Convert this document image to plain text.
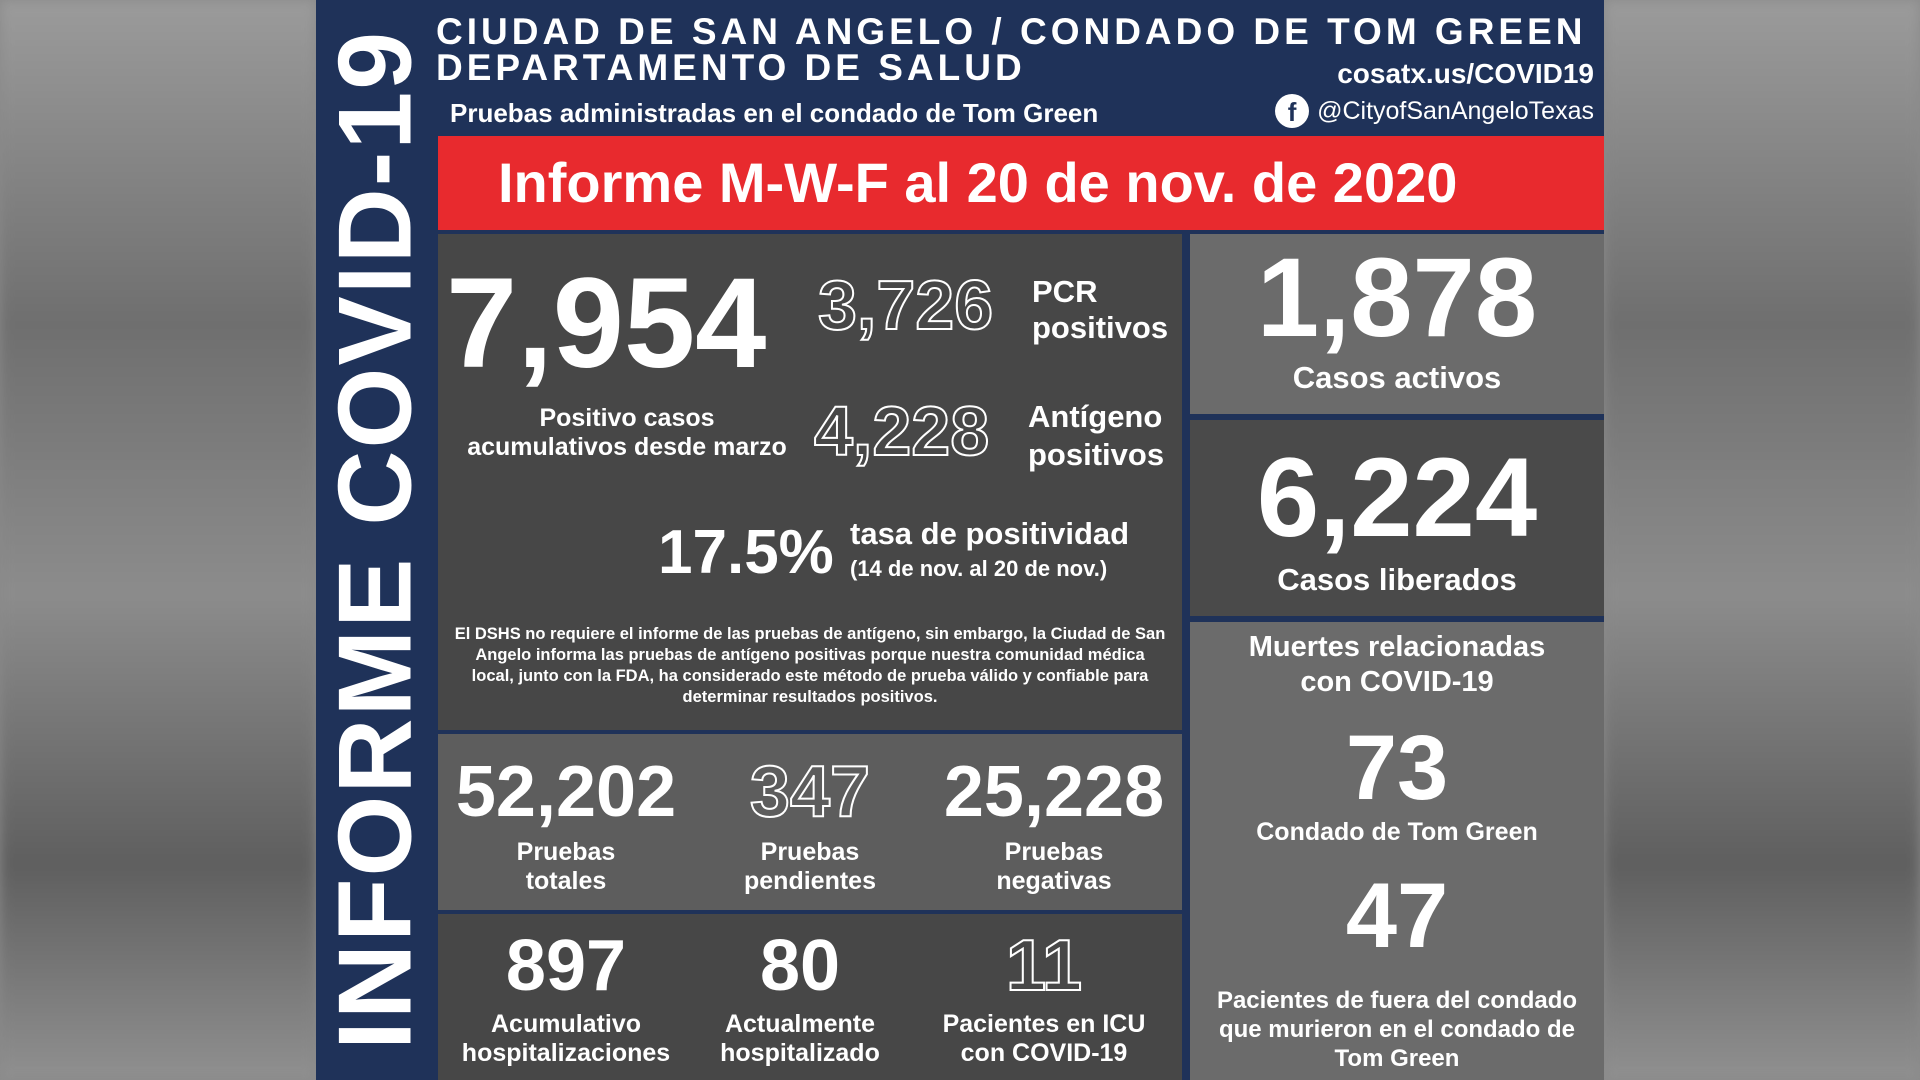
INFORME COVID-19 CIUDAD DE SAN ANGELO / CONDADO DE TOM GREEN
DEPARTAMENTO DE SALUD
Pruebas administradas en el condado de Tom Green
cosatx.us/COVID19
f @CityofSanAngeloTexas
Informe M-W-F al 20 de nov. de 2020
7,954
Positivo casos
acumulativos desde marzo
3,726 PCR
positivos
4,228 Antígeno
positivos
17.5% tasa de positividad
(14 de nov. al 20 de nov.)
El DSHS no requiere el informe de las pruebas de antígeno, sin embargo, la Ciudad de San Angelo informa las pruebas de antígeno positivas porque nuestra comunidad médica local, junto con la FDA, ha considerado este método de prueba válido y confiable para determinar resultados positivos.
52,202
Pruebas
totales
347
Pruebas
pendientes
25,228
Pruebas
negativas
897
Acumulativo
hospitalizaciones
80
Actualmente
hospitalizado
11
Pacientes en ICU
con COVID-19
1,878
Casos activos
6,224
Casos liberados
Muertes relacionadas
con COVID-19
73
Condado de Tom Green
47
Pacientes de fuera del condado
que murieron en el condado de
Tom Green
